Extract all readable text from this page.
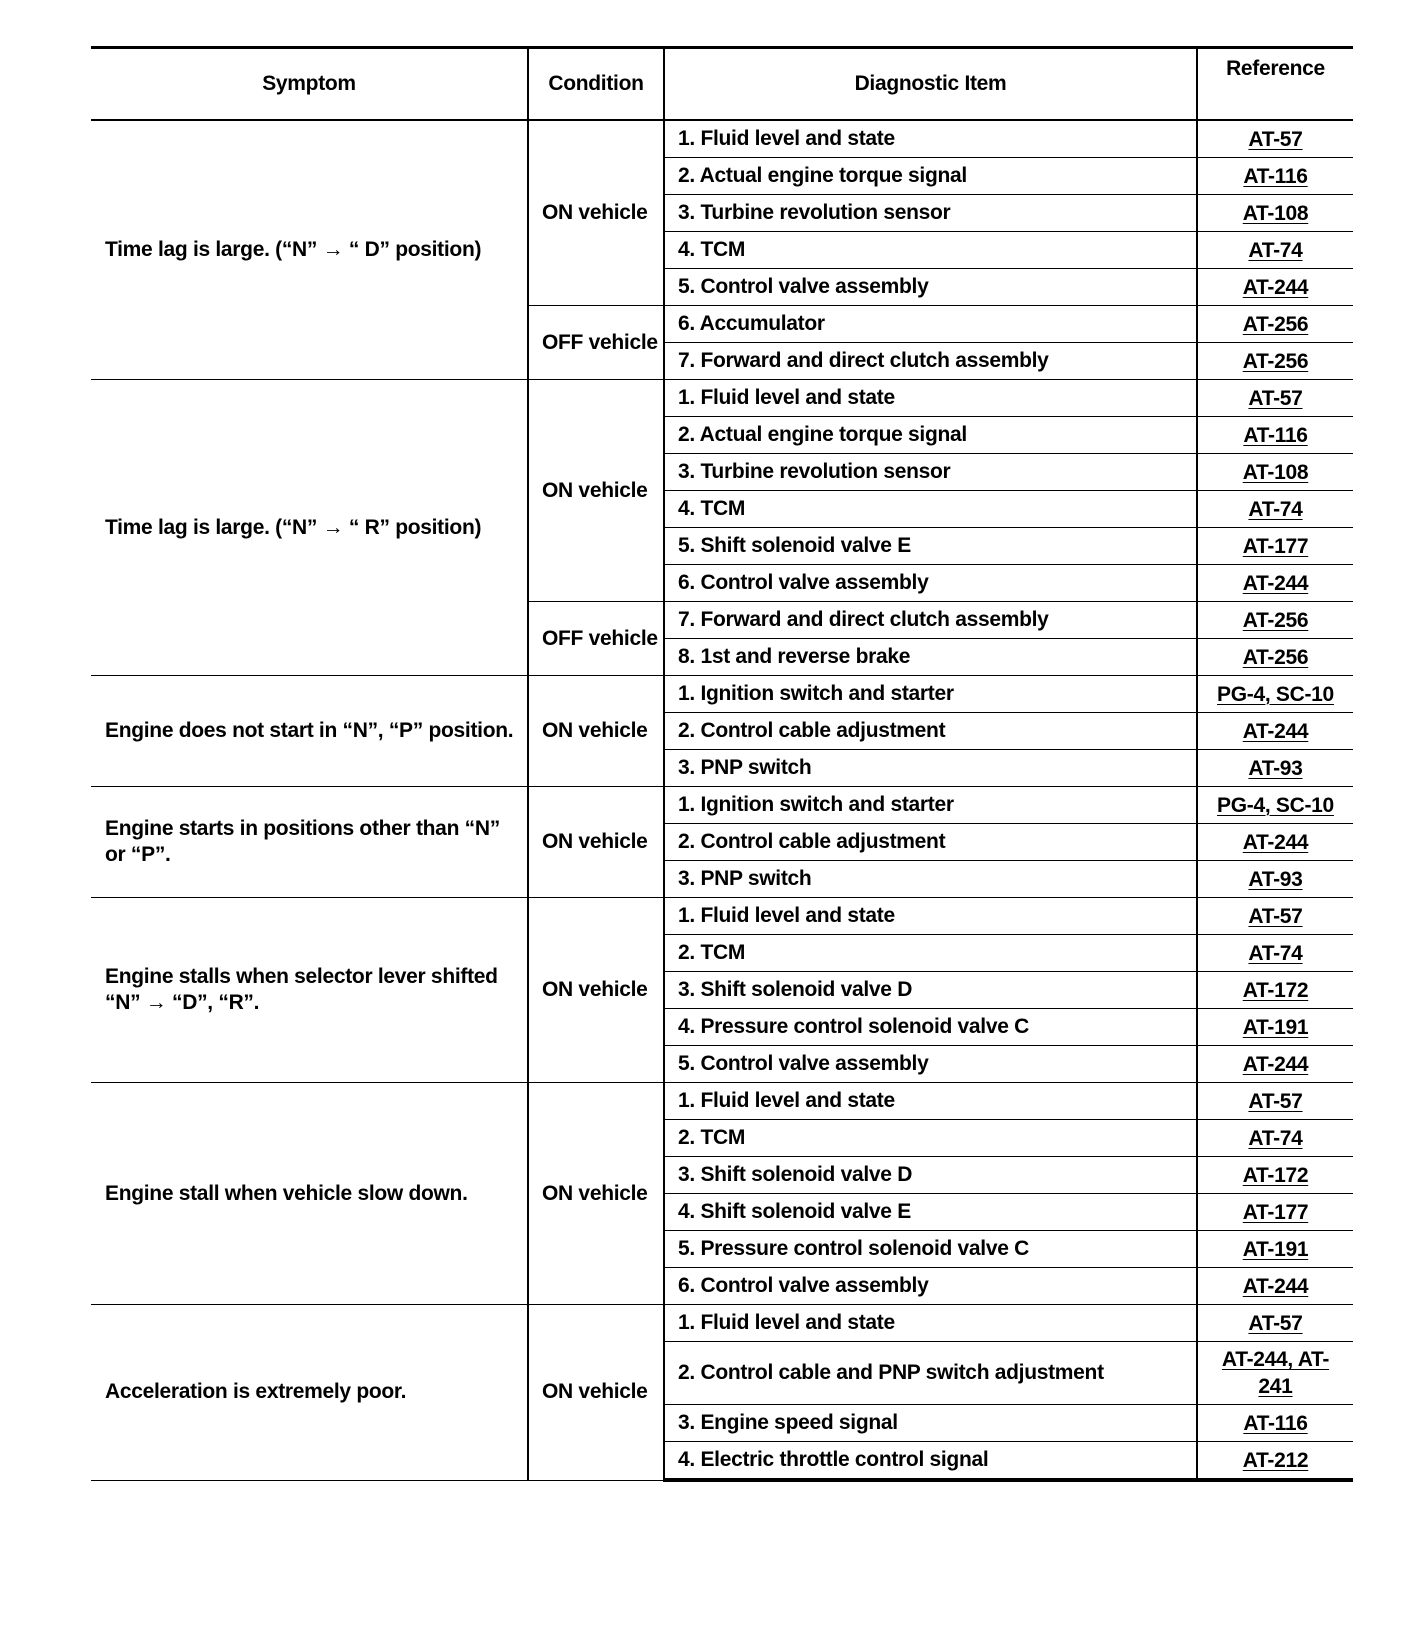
Symptom	Condition	Diagnostic Item	Reference
Time lag is large. (“N” → “ D” position)	ON vehicle	1. Fluid level and state	AT-57
		2. Actual engine torque signal	AT-116
		3. Turbine revolution sensor	AT-108
		4. TCM	AT-74
		5. Control valve assembly	AT-244
	OFF vehicle	6. Accumulator	AT-256
		7. Forward and direct clutch assembly	AT-256
Time lag is large. (“N” → “ R” position)	ON vehicle	1. Fluid level and state	AT-57
		2. Actual engine torque signal	AT-116
		3. Turbine revolution sensor	AT-108
		4. TCM	AT-74
		5. Shift solenoid valve E	AT-177
		6. Control valve assembly	AT-244
	OFF vehicle	7. Forward and direct clutch assembly	AT-256
		8. 1st and reverse brake	AT-256
Engine does not start in “N”, “P” position.	ON vehicle	1. Ignition switch and starter	PG-4, SC-10
		2. Control cable adjustment	AT-244
		3. PNP switch	AT-93
Engine starts in positions other than “N” or “P”.	ON vehicle	1. Ignition switch and starter	PG-4, SC-10
		2. Control cable adjustment	AT-244
		3. PNP switch	AT-93
Engine stalls when selector lever shifted “N” → “D”, “R”.	ON vehicle	1. Fluid level and state	AT-57
		2. TCM	AT-74
		3. Shift solenoid valve D	AT-172
		4. Pressure control solenoid valve C	AT-191
		5. Control valve assembly	AT-244
Engine stall when vehicle slow down.	ON vehicle	1. Fluid level and state	AT-57
		2. TCM	AT-74
		3. Shift solenoid valve D	AT-172
		4. Shift solenoid valve E	AT-177
		5. Pressure control solenoid valve C	AT-191
		6. Control valve assembly	AT-244
Acceleration is extremely poor.	ON vehicle	1. Fluid level and state	AT-57
		2. Control cable and PNP switch adjustment	AT-244, AT-241
		3. Engine speed signal	AT-116
		4. Electric throttle control signal	AT-212
